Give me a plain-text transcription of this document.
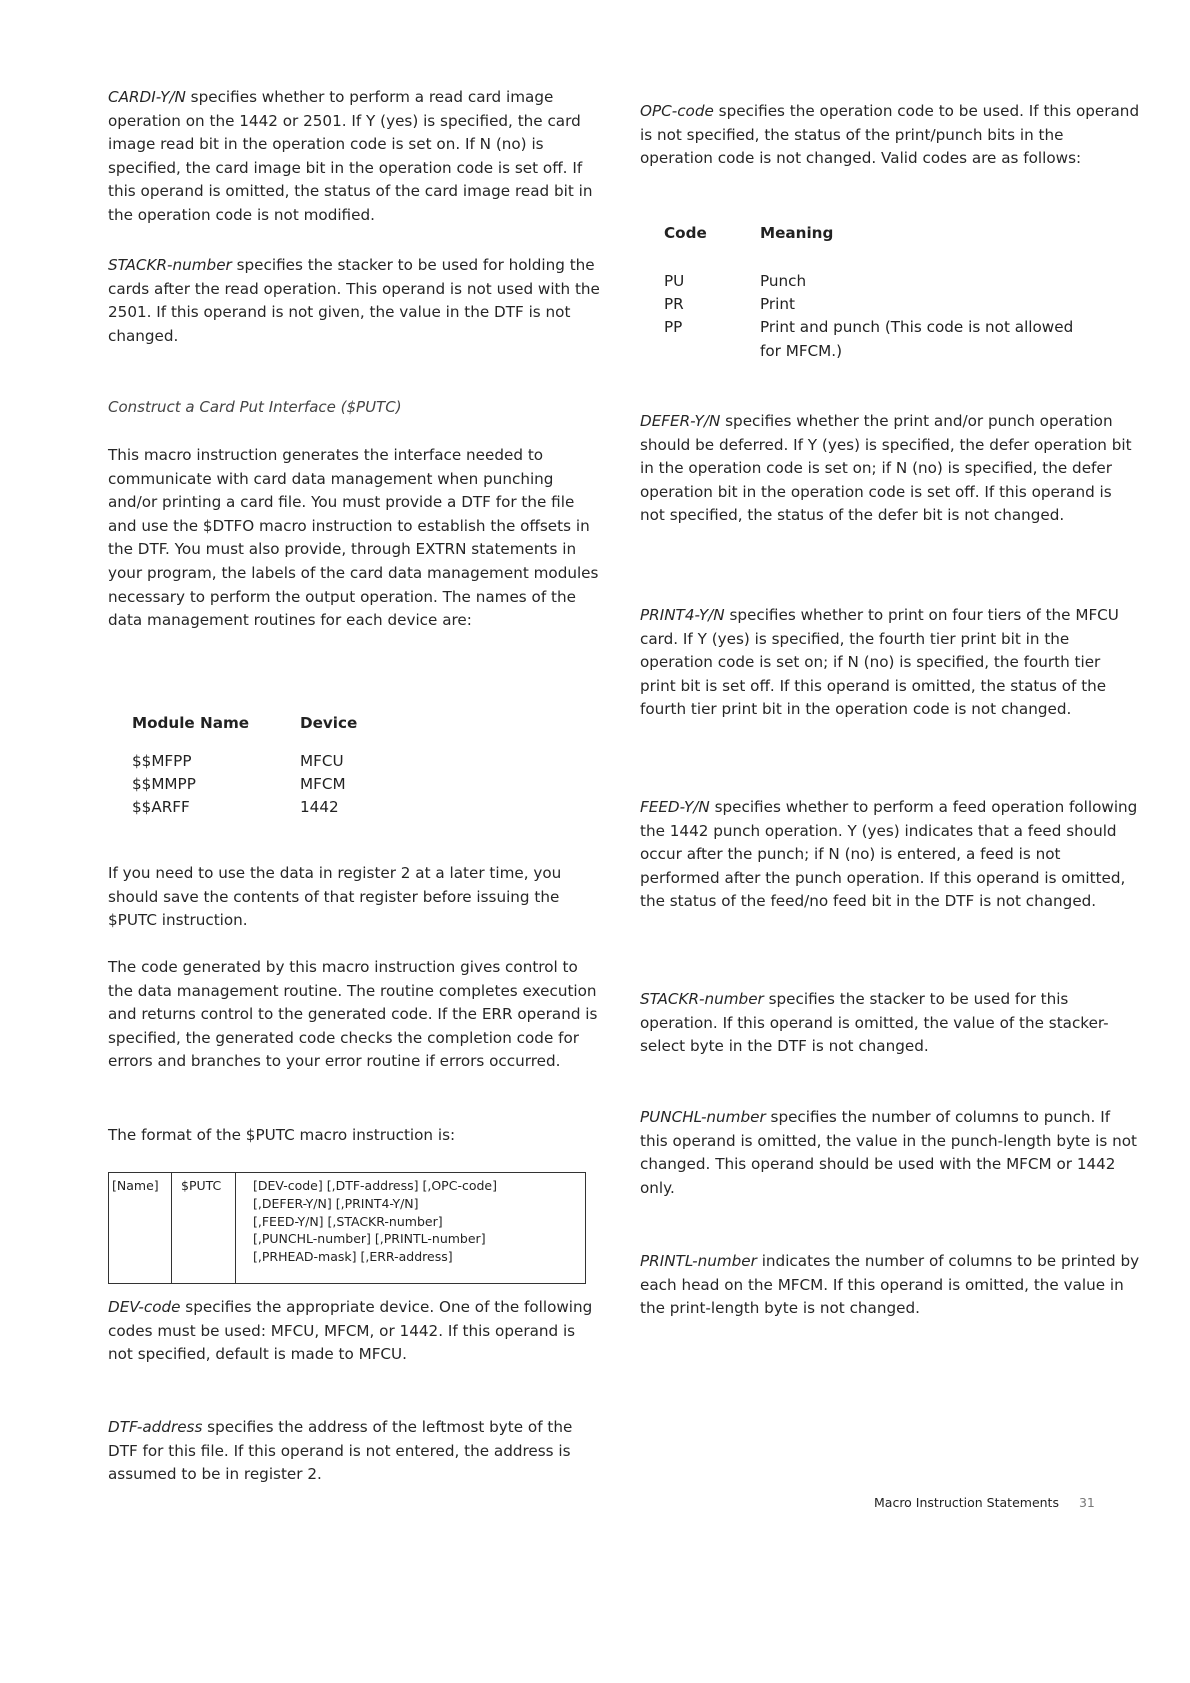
CARDI-Y/N specifies whether to perform a read card image operation on the 1442 or 2501. If Y (yes) is specified, the card image read bit in the operation code is set on. If N (no) is specified, the card image bit in the operation code is set off. If this operand is omitted, the status of the card image read bit in the operation code is not modified.

STACKR-number specifies the stacker to be used for holding the cards after the read operation. This operand is not used with the 2501. If this operand is not given, the value in the DTF is not changed.

Construct a Card Put Interface ($PUTC)

This macro instruction generates the interface needed to communicate with card data management when punching and/or printing a card file. You must provide a DTF for the file and use the $DTFO macro instruction to establish the offsets in the DTF. You must also provide, through EXTRN statements in your program, the labels of the card data management modules necessary to perform the output operation. The names of the data management routines for each device are:

Module Name	Device
$$MFPP	MFCU
$$MMPP	MFCM
$$ARFF	1442

If you need to use the data in register 2 at a later time, you should save the contents of that register before issuing the $PUTC instruction.

The code generated by this macro instruction gives control to the data management routine. The routine completes execution and returns control to the generated code. If the ERR operand is specified, the generated code checks the completion code for errors and branches to your error routine if errors occurred.

The format of the $PUTC macro instruction is:
[Name] $PUTC	[DEV-code] [,DTF-address] [,OPC-code]
[,DEFER-Y/N] [,PRINT4-Y/N]
[,FEED-Y/N] [,STACKR-number]
[,PUNCHL-number] [,PRINTL-number]
[,PRHEAD-mask] [,ERR-address]

DEV-code specifies the appropriate device. One of the following codes must be used: MFCU, MFCM, or 1442. If this operand is not specified, default is made to MFCU.

DTF-address specifies the address of the leftmost byte of the DTF for this file. If this operand is not entered, the address is assumed to be in register 2.

OPC-code specifies the operation code to be used. If this operand is not specified, the status of the print/punch bits in the operation code is not changed. Valid codes are as follows:

Code	Meaning
PU	Punch
PR	Print
PP	Print and punch (This code is not allowed for MFCM.)

DEFER-Y/N specifies whether the print and/or punch operation should be deferred. If Y (yes) is specified, the defer operation bit in the operation code is set on; if N (no) is specified, the defer operation bit in the operation code is set off. If this operand is not specified, the status of the defer bit is not changed.

PRINT4-Y/N specifies whether to print on four tiers of the MFCU card. If Y (yes) is specified, the fourth tier print bit in the operation code is set on; if N (no) is specified, the fourth tier print bit is set off. If this operand is omitted, the status of the fourth tier print bit in the operation code is not changed.

FEED-Y/N specifies whether to perform a feed operation following the 1442 punch operation. Y (yes) indicates that a feed should occur after the punch; if N (no) is entered, a feed is not performed after the punch operation. If this operand is omitted, the status of the feed/no feed bit in the DTF is not changed.

STACKR-number specifies the stacker to be used for this operation. If this operand is omitted, the value of the stacker-select byte in the DTF is not changed.

PUNCHL-number specifies the number of columns to punch. If this operand is omitted, the value in the punch-length byte is not changed. This operand should be used with the MFCM or 1442 only.

PRINTL-number indicates the number of columns to be printed by each head on the MFCM. If this operand is omitted, the value in the print-length byte is not changed.

Macro Instruction Statements 31
